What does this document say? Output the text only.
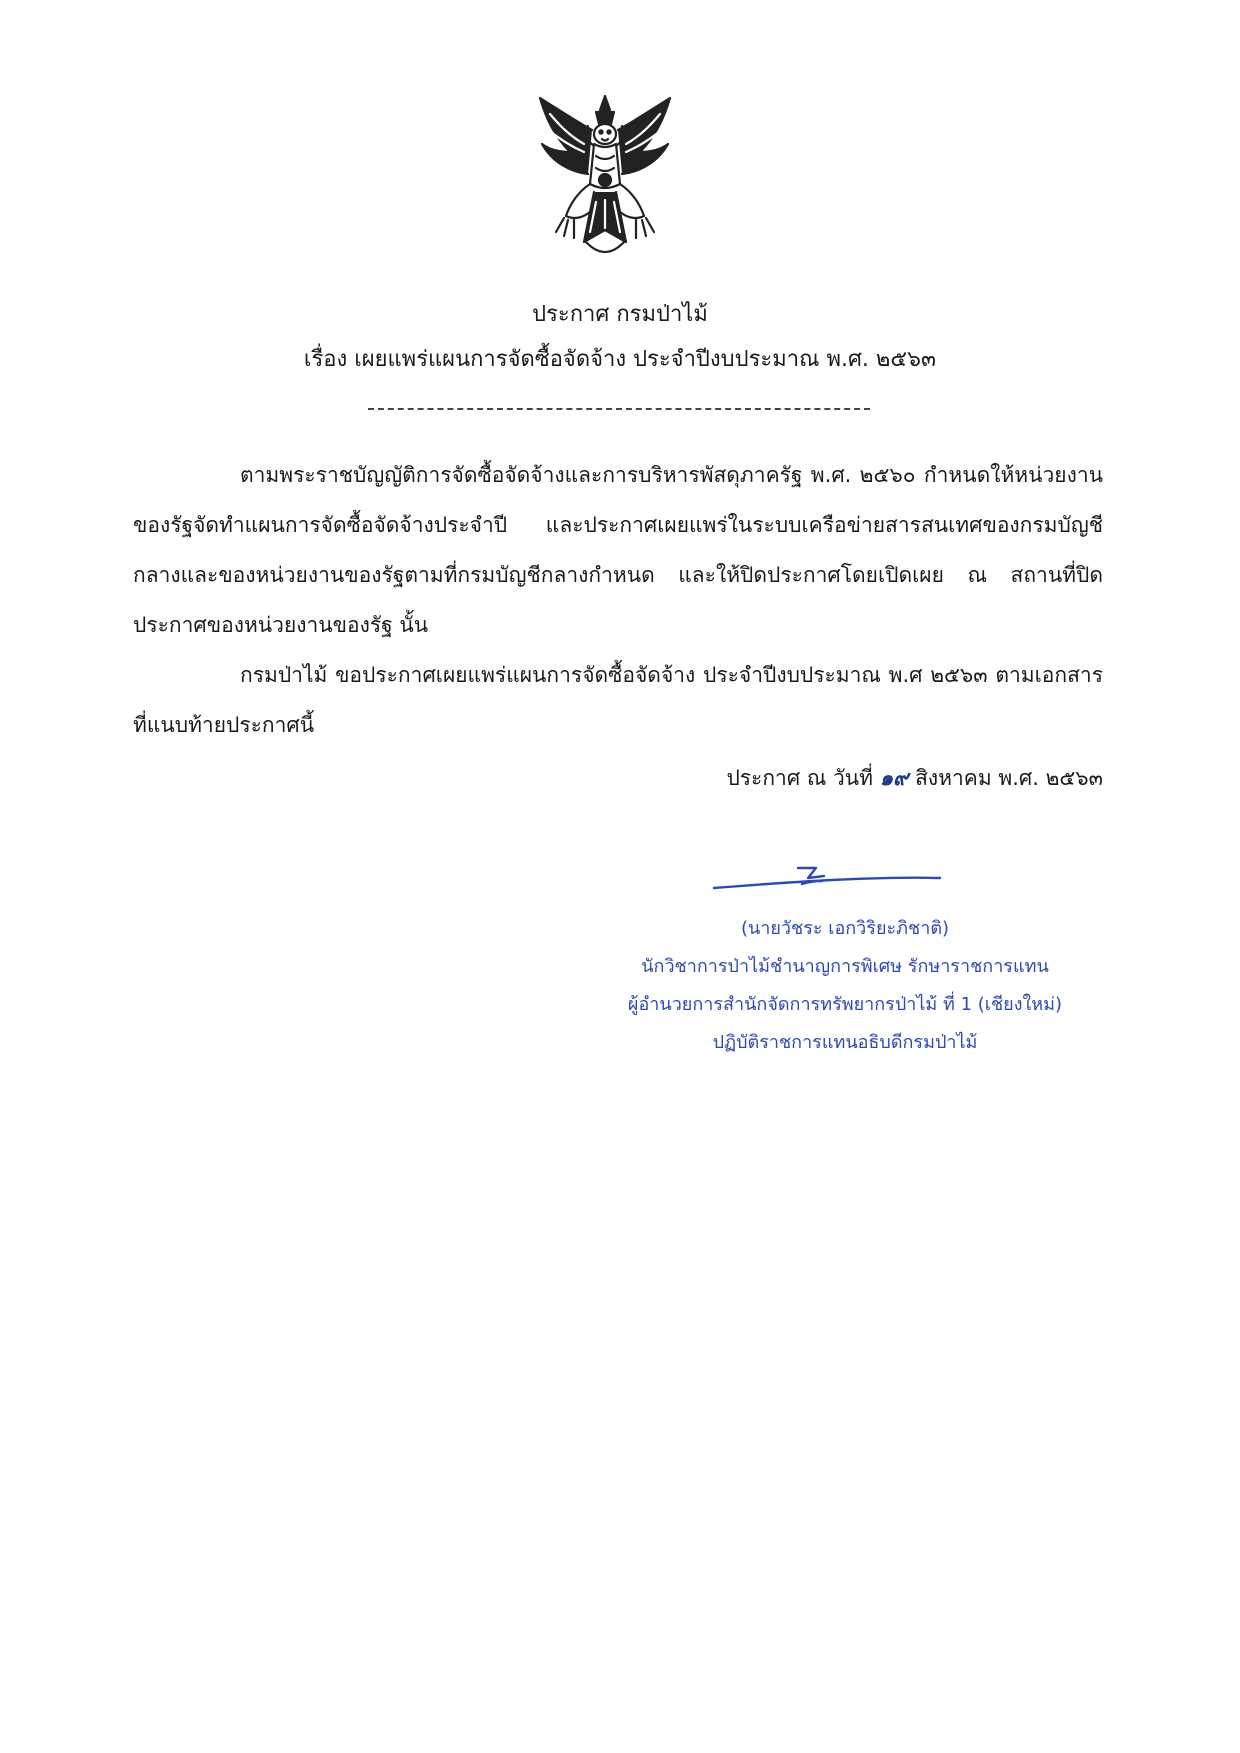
ประกาศ กรมป่าไม้
เรื่อง เผยแพร่แผนการจัดซื้อจัดจ้าง ประจำปีงบประมาณ พ.ศ. ๒๕๖๓

ตามพระราชบัญญัติการจัดซื้อจัดจ้างและการบริหารพัสดุภาครัฐ พ.ศ. ๒๕๖๐ กำหนดให้หน่วยงานของรัฐจัดทำแผนการจัดซื้อจัดจ้างประจำปี และประกาศเผยแพร่ในระบบเครือข่ายสารสนเทศของกรมบัญชีกลางและของหน่วยงานของรัฐตามที่กรมบัญชีกลางกำหนด และให้ปิดประกาศโดยเปิดเผย ณ สถานที่ปิดประกาศของหน่วยงานของรัฐ นั้น

กรมป่าไม้ ขอประกาศเผยแพร่แผนการจัดซื้อจัดจ้าง ประจำปีงบประมาณ พ.ศ ๒๕๖๓ ตามเอกสารที่แนบท้ายประกาศนี้

ประกาศ ณ วันที่ ๑๙ สิงหาคม พ.ศ. ๒๕๖๓
(นายวัชระ เอกวิริยะภิชาติ)
นักวิชาการป่าไม้ชำนาญการพิเศษ รักษาราชการแทน
ผู้อำนวยการสำนักจัดการทรัพยากรป่าไม้ ที่ 1 (เชียงใหม่)
ปฏิบัติราชการแทนอธิบดีกรมป่าไม้
